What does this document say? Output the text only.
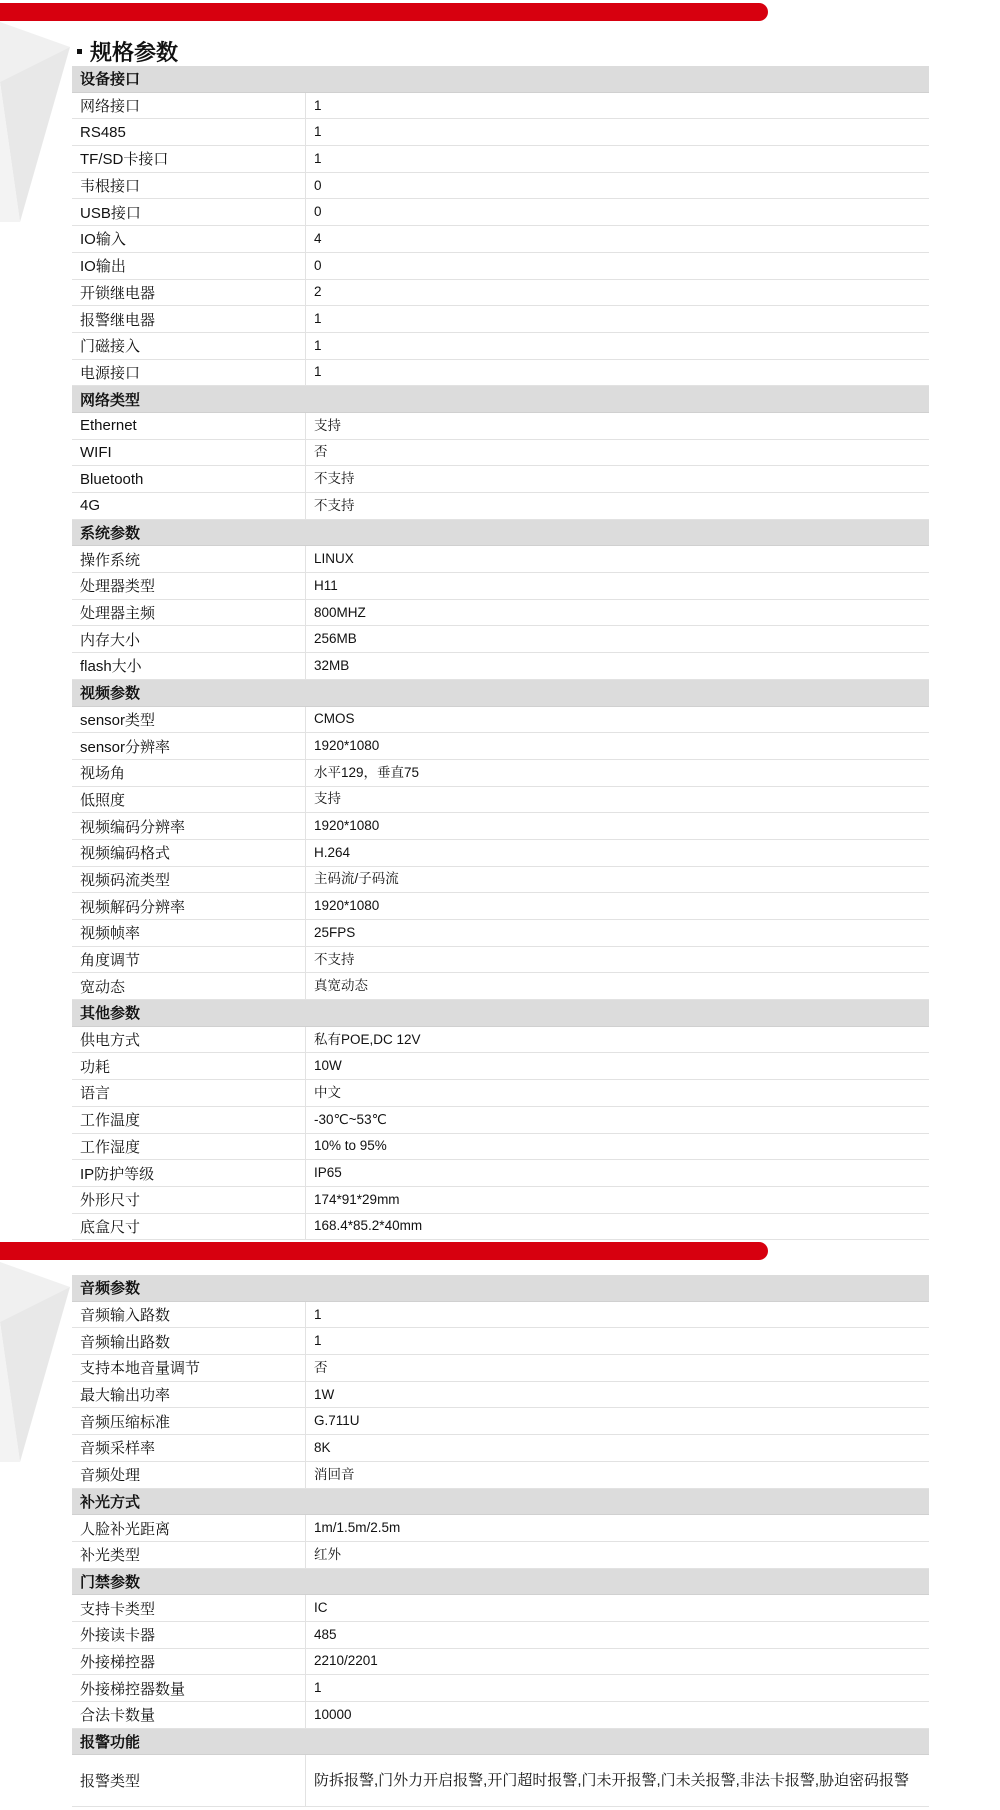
规格参数
设备接口
网络接口	1
RS485	1
TF/SD卡接口	1
韦根接口	0
USB接口	0
IO输入	4
IO输出	0
开锁继电器	2
报警继电器	1
门磁接入	1
电源接口	1
网络类型
Ethernet	支持
WIFI	否
Bluetooth	不支持
4G	不支持
系统参数
操作系统	LINUX
处理器类型	H11
处理器主频	800MHZ
内存大小	256MB
flash大小	32MB
视频参数
sensor类型	CMOS
sensor分辨率	1920*1080
视场角	水平129，垂直75
低照度	支持
视频编码分辨率	1920*1080
视频编码格式	H.264
视频码流类型	主码流/子码流
视频解码分辨率	1920*1080
视频帧率	25FPS
角度调节	不支持
宽动态	真宽动态
其他参数
供电方式	私有POE,DC 12V
功耗	10W
语言	中文
工作温度	-30℃~53℃
工作湿度	10% to 95%
IP防护等级	IP65
外形尺寸	174*91*29mm
底盒尺寸	168.4*85.2*40mm
音频参数
音频输入路数	1
音频输出路数	1
支持本地音量调节	否
最大输出功率	1W
音频压缩标准	G.711U
音频采样率	8K
音频处理	消回音
补光方式
人脸补光距离	1m/1.5m/2.5m
补光类型	红外
门禁参数
支持卡类型	IC
外接读卡器	485
外接梯控器	2210/2201
外接梯控器数量	1
合法卡数量	10000
报警功能
报警类型	防拆报警,门外力开启报警,开门超时报警,门未开报警,门未关报警,非法卡报警,胁迫密码报警
